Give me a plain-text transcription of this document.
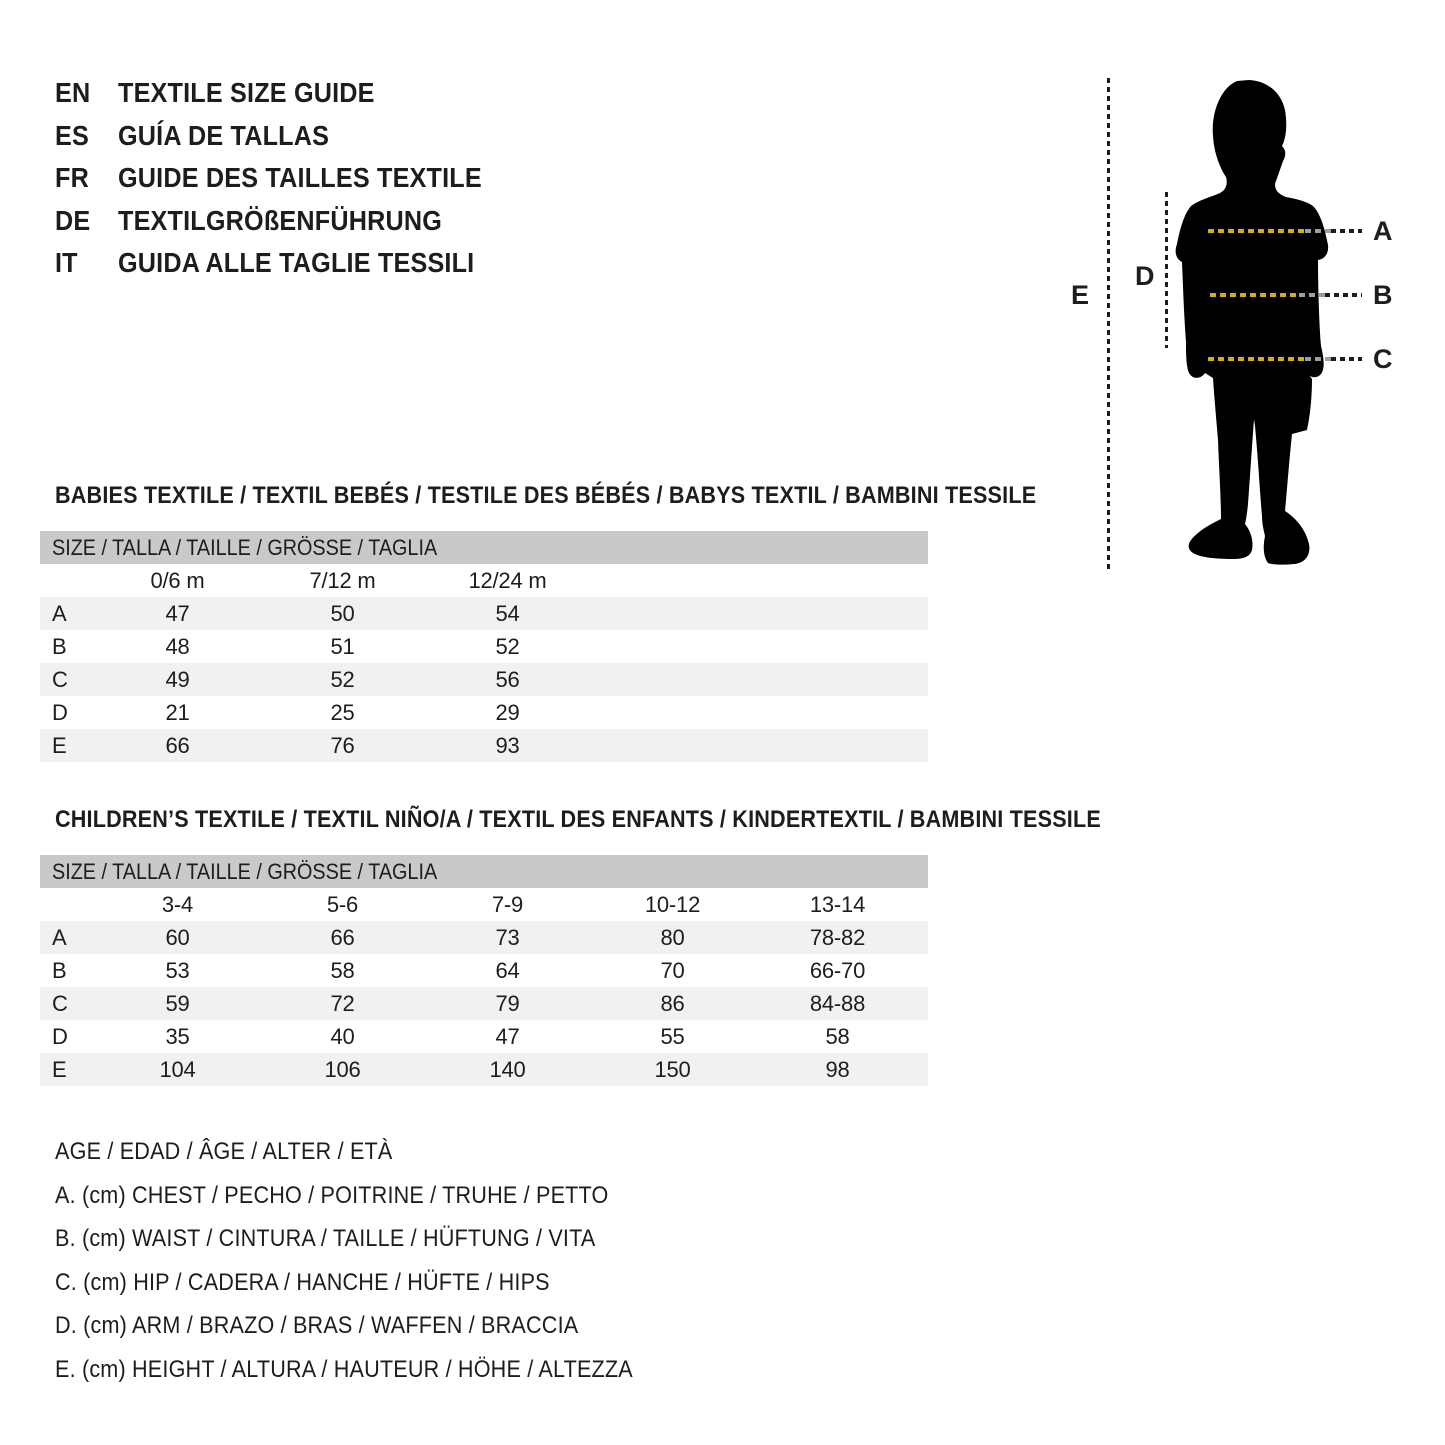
EN TEXTILE SIZE GUIDE
ES GUÍA DE TALLAS
FR GUIDE DES TAILLES TEXTILE
DE TEXTILGRÖßENFÜHRUNG
IT GUIDA ALLE TAGLIE TESSILI
E
D
A
B
C
BABIES TEXTILE / TEXTIL BEBÉS / TESTILE DES BÉBÉS / BABYS TEXTIL / BAMBINI TESSILE
SIZE / TALLA / TAILLE / GRÖSSE / TAGLIA
0/6 m	7/12 m	12/24 m
A	47	50	54
B	48	51	52
C	49	52	56
D	21	25	29
E	66	76	93
CHILDREN’S TEXTILE / TEXTIL NIÑO/A / TEXTIL DES ENFANTS / KINDERTEXTIL / BAMBINI TESSILE
SIZE / TALLA / TAILLE / GRÖSSE / TAGLIA
3-4	5-6	7-9	10-12	13-14
A	60	66	73	80	78-82
B	53	58	64	70	66-70
C	59	72	79	86	84-88
D	35	40	47	55	58
E	104	106	140	150	98
AGE / EDAD / ÂGE / ALTER / ETÀ
A. (cm) CHEST / PECHO / POITRINE / TRUHE / PETTO
B. (cm) WAIST / CINTURA / TAILLE / HÜFTUNG / VITA
C. (cm) HIP / CADERA / HANCHE / HÜFTE / HIPS
D. (cm) ARM / BRAZO / BRAS / WAFFEN / BRACCIA
E. (cm) HEIGHT / ALTURA / HAUTEUR / HÖHE / ALTEZZA
